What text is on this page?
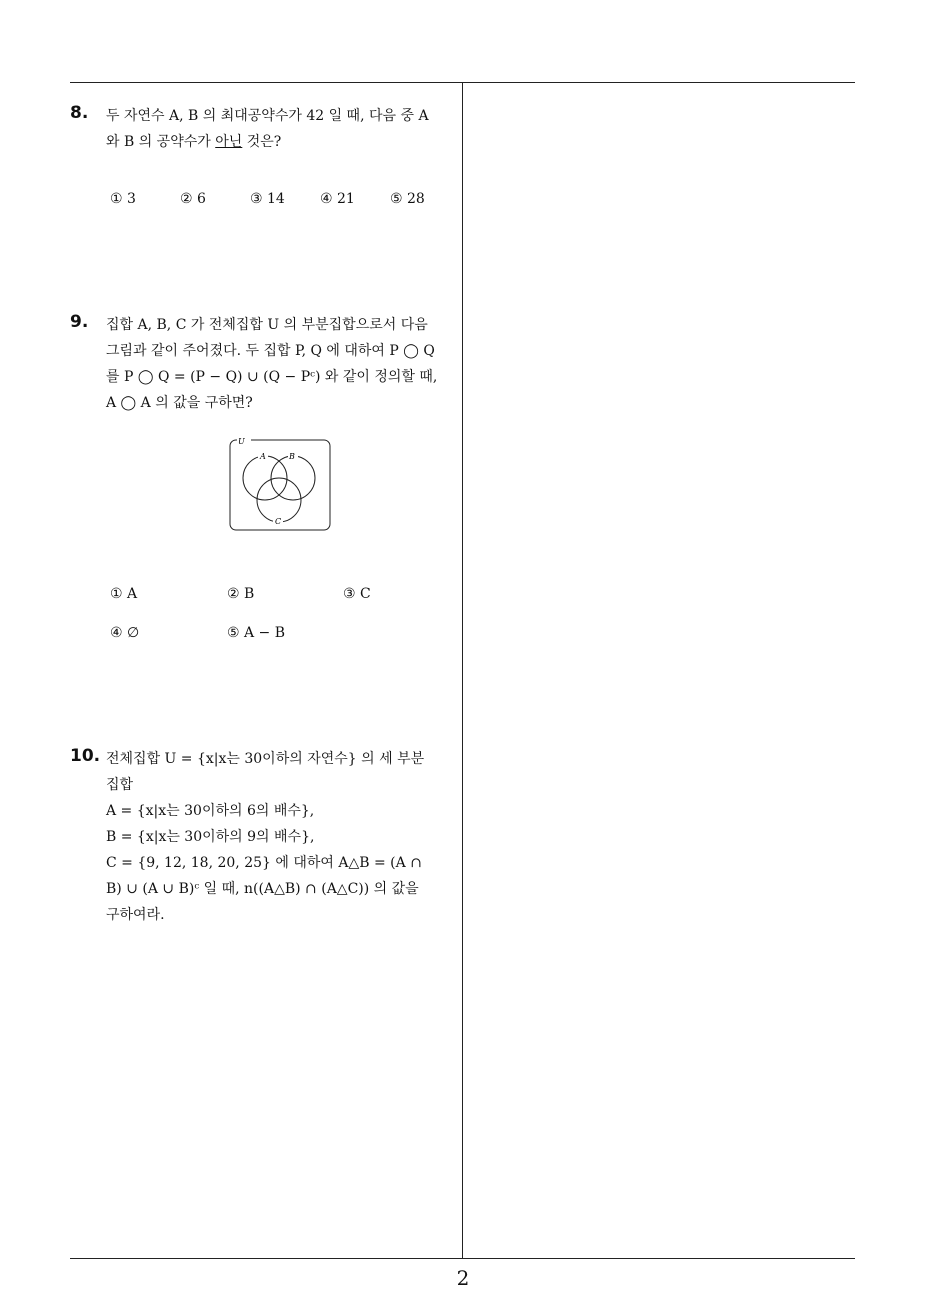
8. 두 자연수 A, B 의 최대공약수가 42 일 때, 다음 중 A
와 B 의 공약수가 아닌 것은?
① 3	② 6	③ 14	④ 21	⑤ 28
9. 집합 A, B, C 가 전체집합 U 의 부분집합으로서 다음
그림과 같이 주어졌다. 두 집합 P, Q 에 대하여 P ◯ Q
를 P ◯ Q = (P − Q) ∪ (Q − Pᶜ) 와 같이 정의할 때,
A ◯ A 의 값을 구하면?
U
A	B
C
① A	② B	③ C
④ ∅	⑤ A − B
10. 전체집합 U = {x|x는 30이하의 자연수} 의 세 부분
집합
A = {x|x는 30이하의 6의 배수},
B = {x|x는 30이하의 9의 배수},
C = {9, 12, 18, 20, 25} 에 대하여 A△B = (A ∩
B) ∪ (A ∪ B)ᶜ 일 때, n((A△B) ∩ (A△C)) 의 값을
구하여라.
2
